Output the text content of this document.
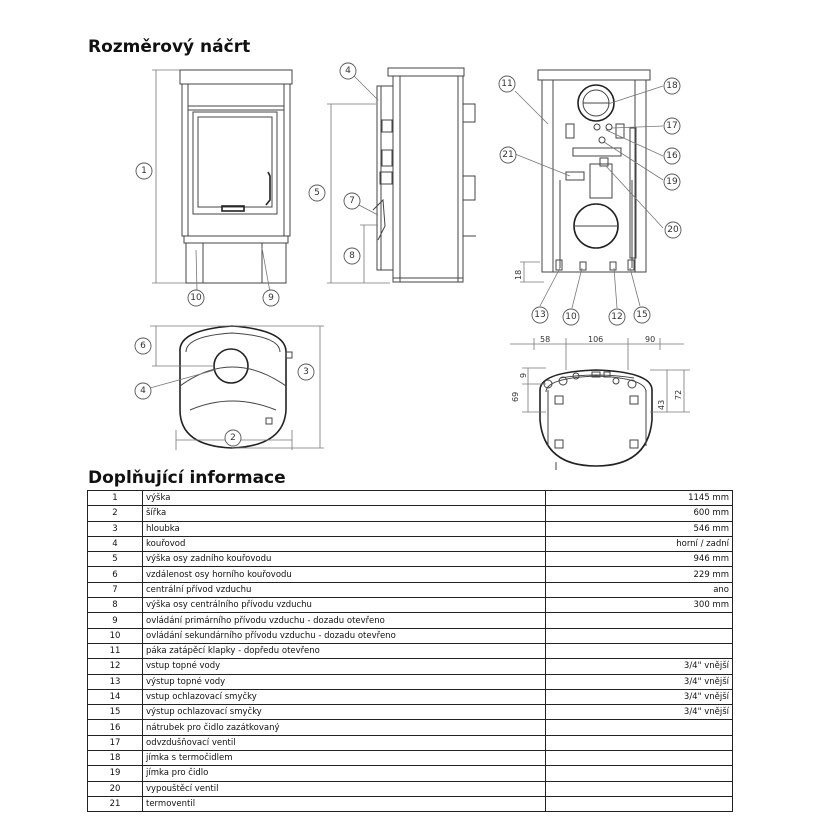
Rozměrový náčrt
1
10	9
4
5
7
8
11
21
18
17
16
19
20
13 10	12 15
6
4
3
2
58	106	90
69
9
43
72
18
Doplňující informace
1	výška	1145 mm
2	šířka	600 mm
3	hloubka	546 mm
4	kouřovod	horní / zadní
5	výška osy zadního kouřovodu	946 mm
6	vzdálenost osy horního kouřovodu	229 mm
7	centrální přívod vzduchu	ano
8	výška osy centrálního přívodu vzduchu	300 mm
9	ovládání primárního přívodu vzduchu - dozadu otevřeno	
10	ovládání sekundárního přívodu vzduchu - dozadu otevřeno	
11	páka zatápěcí klapky - dopředu otevřeno	
12	vstup topné vody	3/4" vnější
13	výstup topné vody	3/4" vnější
14	vstup ochlazovací smyčky	3/4" vnější
15	výstup ochlazovací smyčky	3/4" vnější
16	nátrubek pro čidlo zazátkovaný	
17	odvzdušňovací ventil	
18	jímka s termočidlem	
19	jímka pro čidlo	
20	vypouštěcí ventil	
21	termoventil	
